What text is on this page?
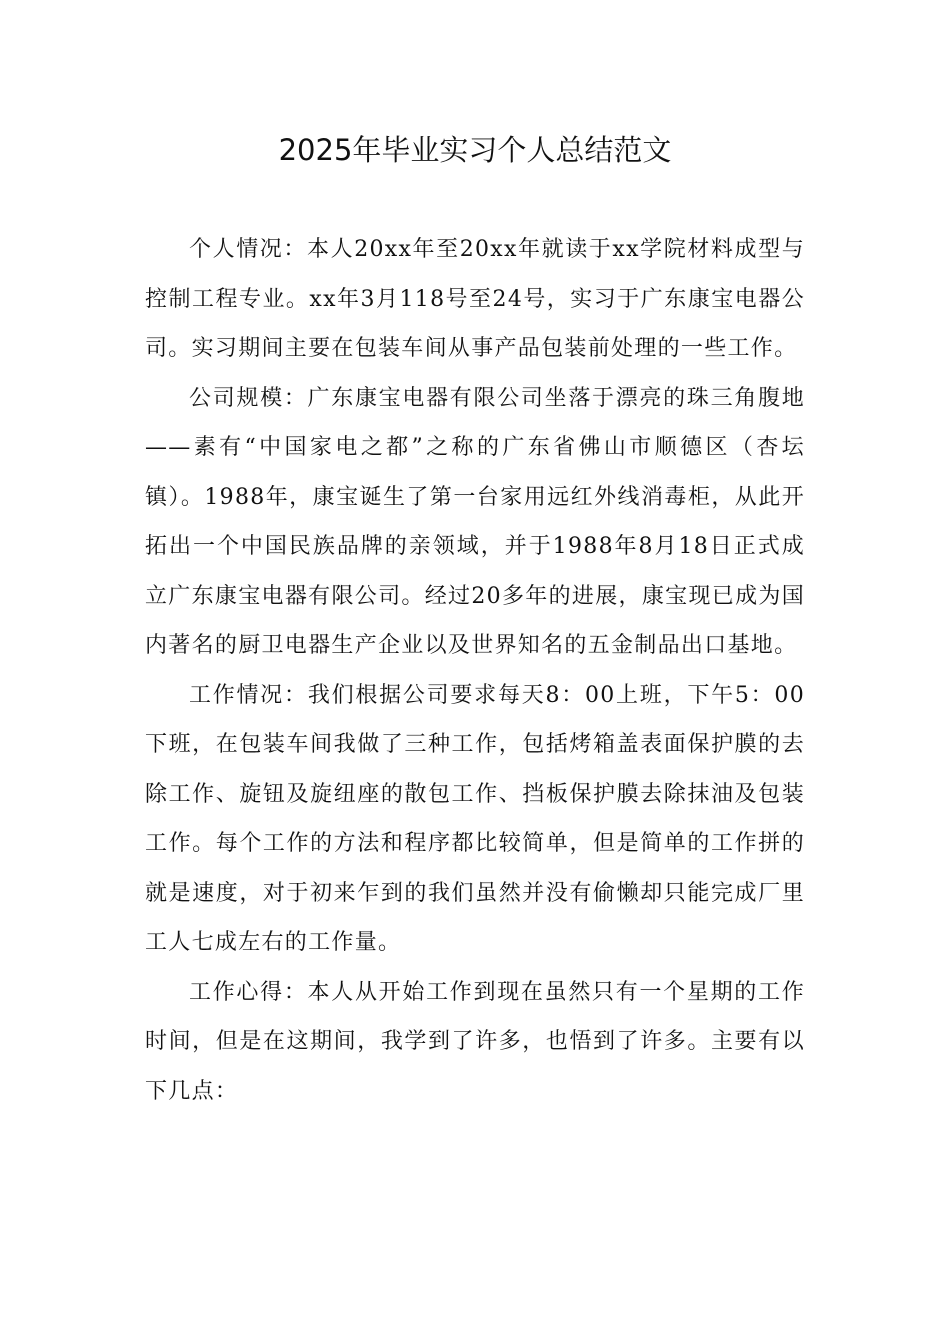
2025年毕业实习个人总结范文

个人情况：本人20xx年至20xx年就读于xx学院材料成型与控制工程专业。xx年3月118号至24号，实习于广东康宝电器公司。实习期间主要在包装车间从事产品包装前处理的一些工作。

公司规模：广东康宝电器有限公司坐落于漂亮的珠三角腹地——素有“中国家电之都”之称的广东省佛山市顺德区（杏坛镇）。1988年，康宝诞生了第一台家用远红外线消毒柜，从此开拓出一个中国民族品牌的亲领域，并于1988年8月18日正式成立广东康宝电器有限公司。经过20多年的进展，康宝现已成为国内著名的厨卫电器生产企业以及世界知名的五金制品出口基地。

工作情况：我们根据公司要求每天8：00上班，下午5：00下班，在包装车间我做了三种工作，包括烤箱盖表面保护膜的去除工作、旋钮及旋纽座的散包工作、挡板保护膜去除抹油及包装工作。每个工作的方法和程序都比较简单，但是简单的工作拼的就是速度，对于初来乍到的我们虽然并没有偷懒却只能完成厂里工人七成左右的工作量。

工作心得：本人从开始工作到现在虽然只有一个星期的工作时间，但是在这期间，我学到了许多，也悟到了许多。主要有以下几点：
